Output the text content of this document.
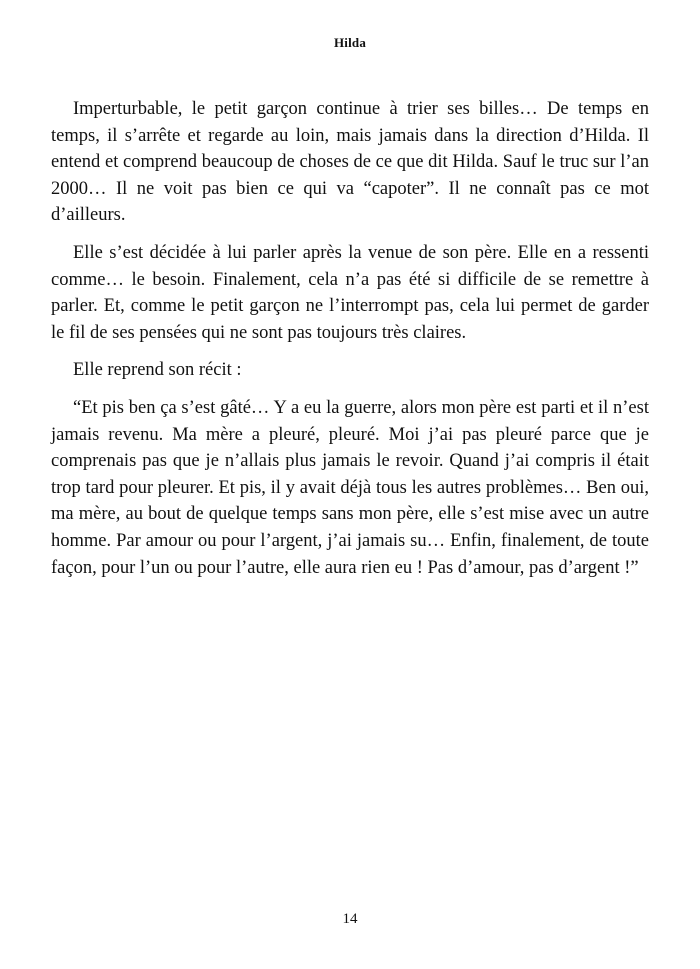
Hilda

Imperturbable, le petit garçon continue à trier ses billes… De temps en temps, il s’arrête et regarde au loin, mais jamais dans la direction d’Hilda. Il entend et comprend beaucoup de choses de ce que dit Hilda. Sauf le truc sur l’an 2000… Il ne voit pas bien ce qui va “capoter”. Il ne connaît pas ce mot d’ailleurs.

Elle s’est décidée à lui parler après la venue de son père. Elle en a ressenti comme… le besoin. Finalement, cela n’a pas été si difficile de se remettre à parler. Et, comme le petit garçon ne l’interrompt pas, cela lui permet de garder le fil de ses pensées qui ne sont pas toujours très claires.

Elle reprend son récit :

“Et pis ben ça s’est gâté… Y a eu la guerre, alors mon père est parti et il n’est jamais revenu. Ma mère a pleuré, pleuré. Moi j’ai pas pleuré parce que je comprenais pas que je n’allais plus jamais le revoir. Quand j’ai compris il était trop tard pour pleurer. Et pis, il y avait déjà tous les autres problèmes… Ben oui, ma mère, au bout de quelque temps sans mon père, elle s’est mise avec un autre homme. Par amour ou pour l’argent, j’ai jamais su… Enfin, finalement, de toute façon, pour l’un ou pour l’autre, elle aura rien eu ! Pas d’amour, pas d’argent !”

14
